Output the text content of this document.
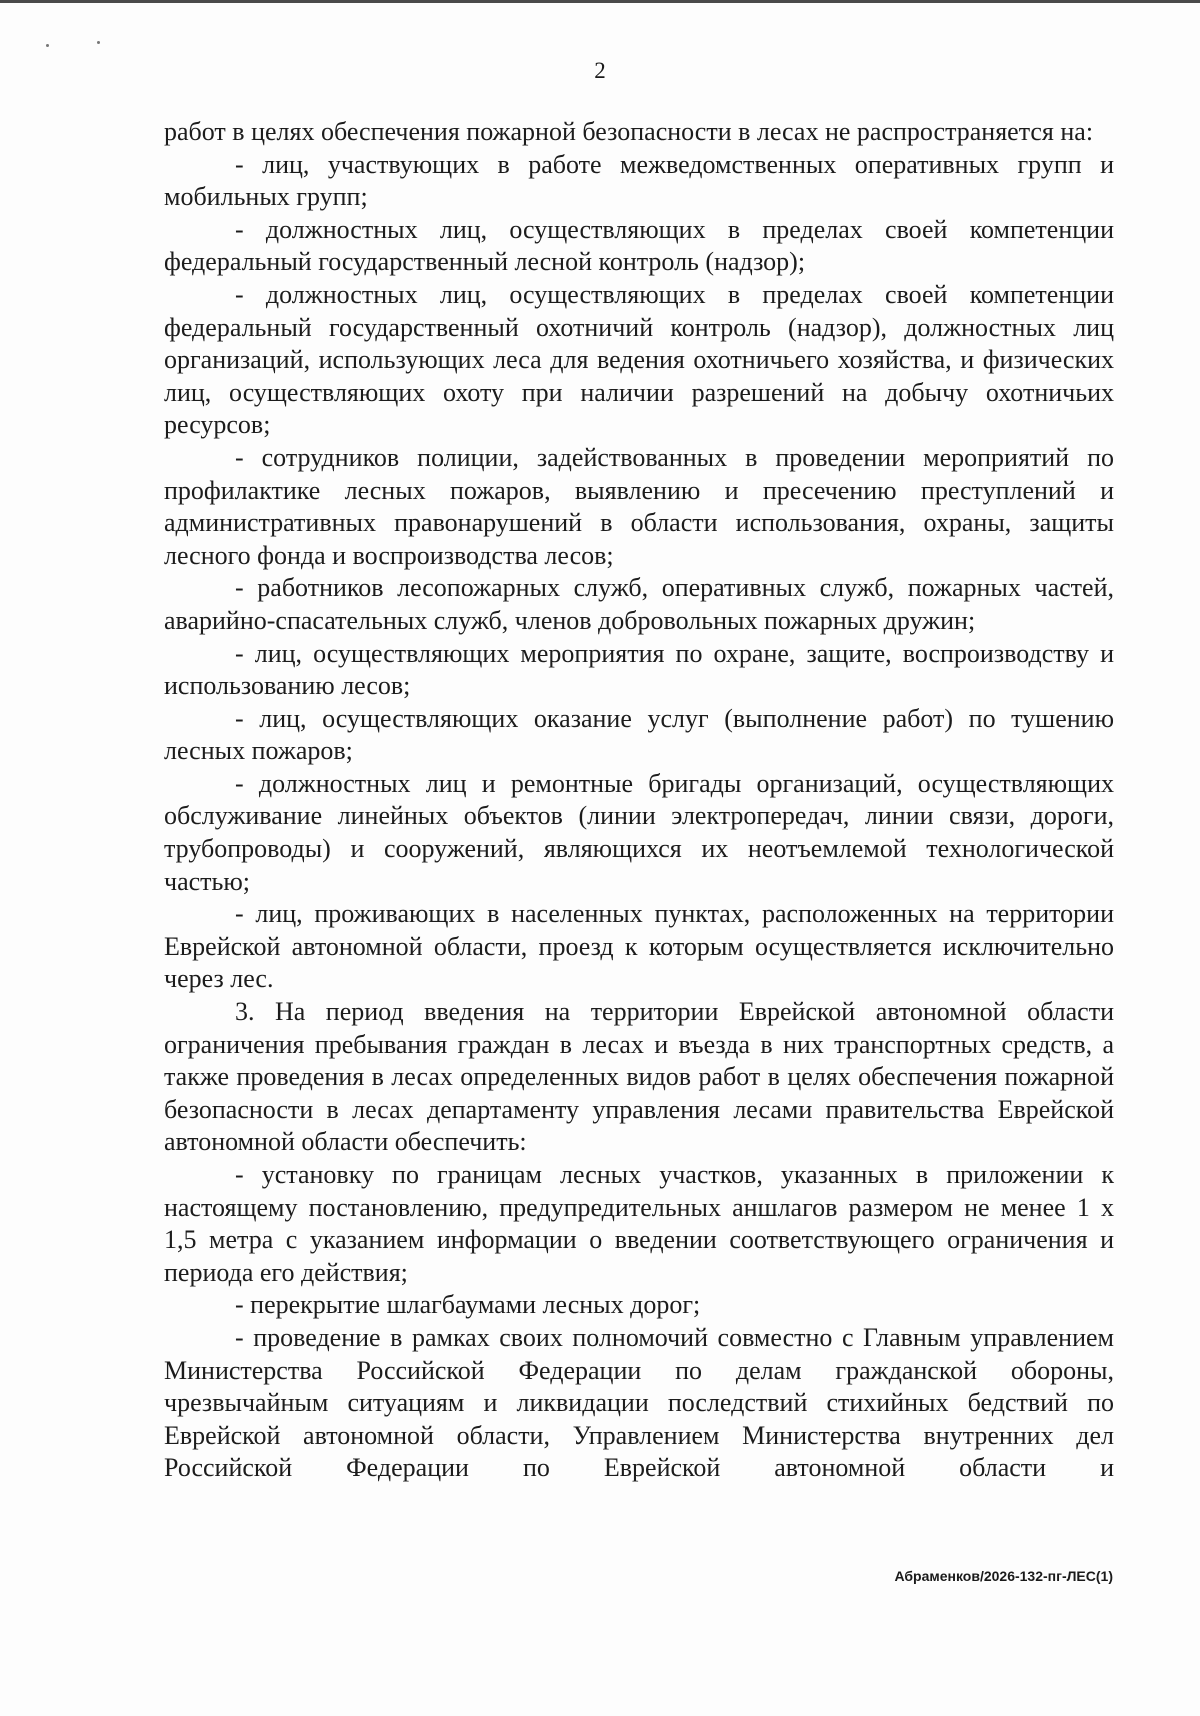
2

работ в целях обеспечения пожарной безопасности в лесах не распространяется на:

- лиц, участвующих в работе межведомственных оперативных групп и мобильных групп;

- должностных лиц, осуществляющих в пределах своей компетенции федеральный государственный лесной контроль (надзор);

- должностных лиц, осуществляющих в пределах своей компетенции федеральный государственный охотничий контроль (надзор), должностных лиц организаций, использующих леса для ведения охотничьего хозяйства, и физических лиц, осуществляющих охоту при наличии разрешений на добычу охотничьих ресурсов;

- сотрудников полиции, задействованных в проведении мероприятий по профилактике лесных пожаров, выявлению и пресечению преступлений и административных правонарушений в области использования, охраны, защиты лесного фонда и воспроизводства лесов;

- работников лесопожарных служб, оперативных служб, пожарных частей, аварийно-спасательных служб, членов добровольных пожарных дружин;

- лиц, осуществляющих мероприятия по охране, защите, воспроизводству и использованию лесов;

- лиц, осуществляющих оказание услуг (выполнение работ) по тушению лесных пожаров;

- должностных лиц и ремонтные бригады организаций, осуществляющих обслуживание линейных объектов (линии электропередач, линии связи, дороги, трубопроводы) и сооружений, являющихся их неотъемлемой технологической частью;

- лиц, проживающих в населенных пунктах, расположенных на территории Еврейской автономной области, проезд к которым осуществляется исключительно через лес.

3. На период введения на территории Еврейской автономной области ограничения пребывания граждан в лесах и въезда в них транспортных средств, а также проведения в лесах определенных видов работ в целях обеспечения пожарной безопасности в лесах департаменту управления лесами правительства Еврейской автономной области обеспечить:

- установку по границам лесных участков, указанных в приложении к настоящему постановлению, предупредительных аншлагов размером не менее 1 х 1,5 метра с указанием информации о введении соответствующего ограничения и периода его действия;

- перекрытие шлагбаумами лесных дорог;

- проведение в рамках своих полномочий совместно с Главным управлением Министерства Российской Федерации по делам гражданской обороны, чрезвычайным ситуациям и ликвидации последствий стихийных бедствий по Еврейской автономной области, Управлением Министерства внутренних дел Российской Федерации по Еврейской автономной области и

Абраменков/2026-132-пг-ЛЕС(1)
